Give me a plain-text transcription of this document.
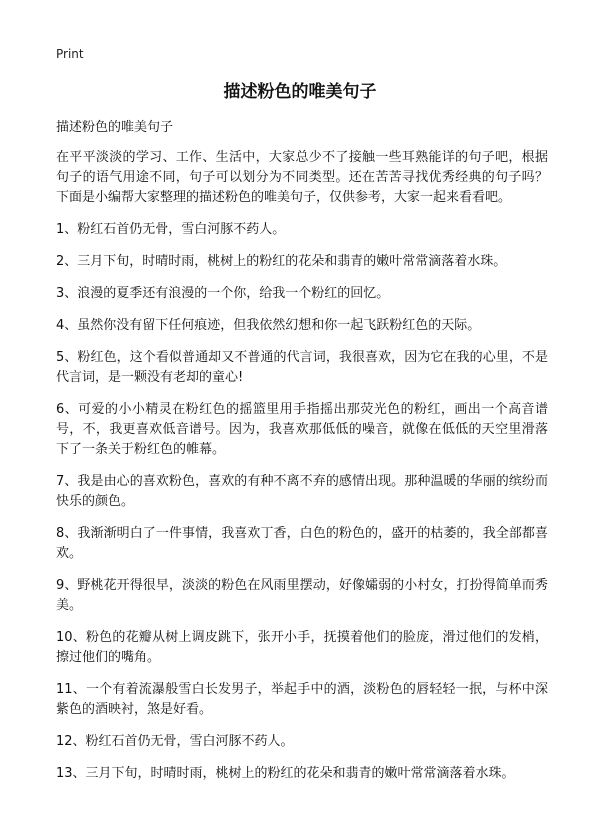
Print
描述粉色的唯美句子

描述粉色的唯美句子

在平平淡淡的学习、工作、生活中，大家总少不了接触一些耳熟能详的句子吧，根据句子的语气用途不同，句子可以划分为不同类型。还在苦苦寻找优秀经典的句子吗？下面是小编帮大家整理的描述粉色的唯美句子，仅供参考，大家一起来看看吧。

1、粉红石首仍无骨，雪白河豚不药人。

2、三月下旬，时晴时雨，桃树上的粉红的花朵和翡青的嫩叶常常滴落着水珠。

3、浪漫的夏季还有浪漫的一个你，给我一个粉红的回忆。

4、虽然你没有留下任何痕迹，但我依然幻想和你一起飞跃粉红色的天际。

5、粉红色，这个看似普通却又不普通的代言词，我很喜欢，因为它在我的心里，不是代言词，是一颗没有老却的童心!

6、可爱的小小精灵在粉红色的摇篮里用手指摇出那荧光色的粉红，画出一个高音谱号，不，我更喜欢低音谱号。因为，我喜欢那低低的噪音，就像在低低的天空里滑落下了一条关于粉红色的帷幕。

7、我是由心的喜欢粉色，喜欢的有种不离不弃的感情出现。那种温暖的华丽的缤纷而快乐的颜色。

8、我渐渐明白了一件事情，我喜欢丁香，白色的粉色的，盛开的枯萎的，我全部都喜欢。

9、野桃花开得很早，淡淡的粉色在风雨里摆动，好像孀弱的小村女，打扮得简单而秀美。

10、粉色的花瓣从树上调皮跳下，张开小手，抚摸着他们的脸庞，滑过他们的发梢，擦过他们的嘴角。

11、一个有着流瀑般雪白长发男子，举起手中的酒，淡粉色的唇轻轻一抿，与杯中深紫色的酒映衬，煞是好看。

12、粉红石首仍无骨，雪白河豚不药人。

13、三月下旬，时晴时雨，桃树上的粉红的花朵和翡青的嫩叶常常滴落着水珠。
